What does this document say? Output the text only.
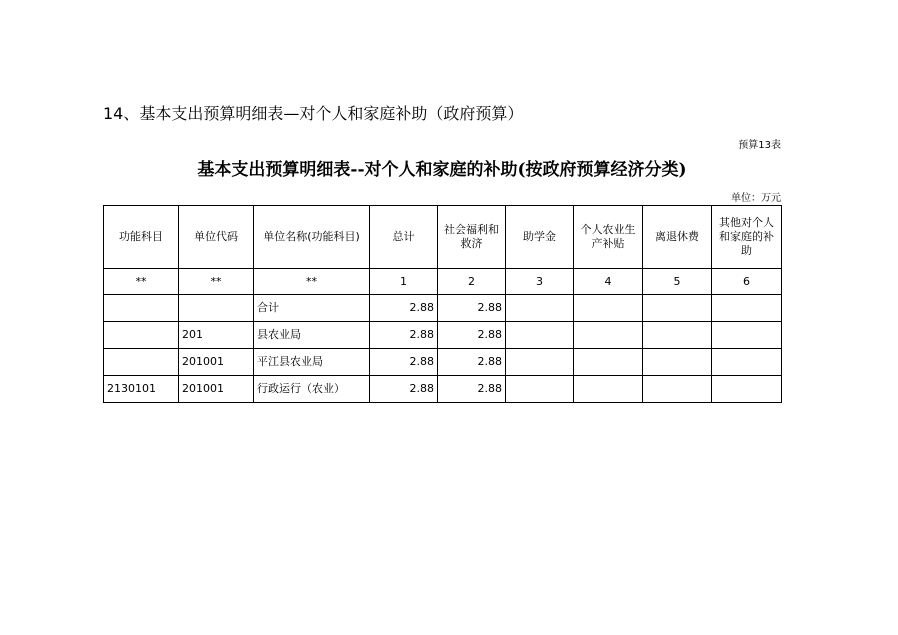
14、基本支出预算明细表—对个人和家庭补助（政府预算）
预算13表
基本支出预算明细表--对个人和家庭的补助(按政府预算经济分类)
单位：万元
功能科目	单位代码	单位名称(功能科目)	总计	社会福利和救济	助学金	个人农业生产补贴	离退休费	其他对个人和家庭的补助
**	**	**	1	2	3	4	5	6
		合计	2.88	2.88				
	201	县农业局	2.88	2.88				
	201001	平江县农业局	2.88	2.88				
2130101	201001	行政运行（农业）	2.88	2.88				
